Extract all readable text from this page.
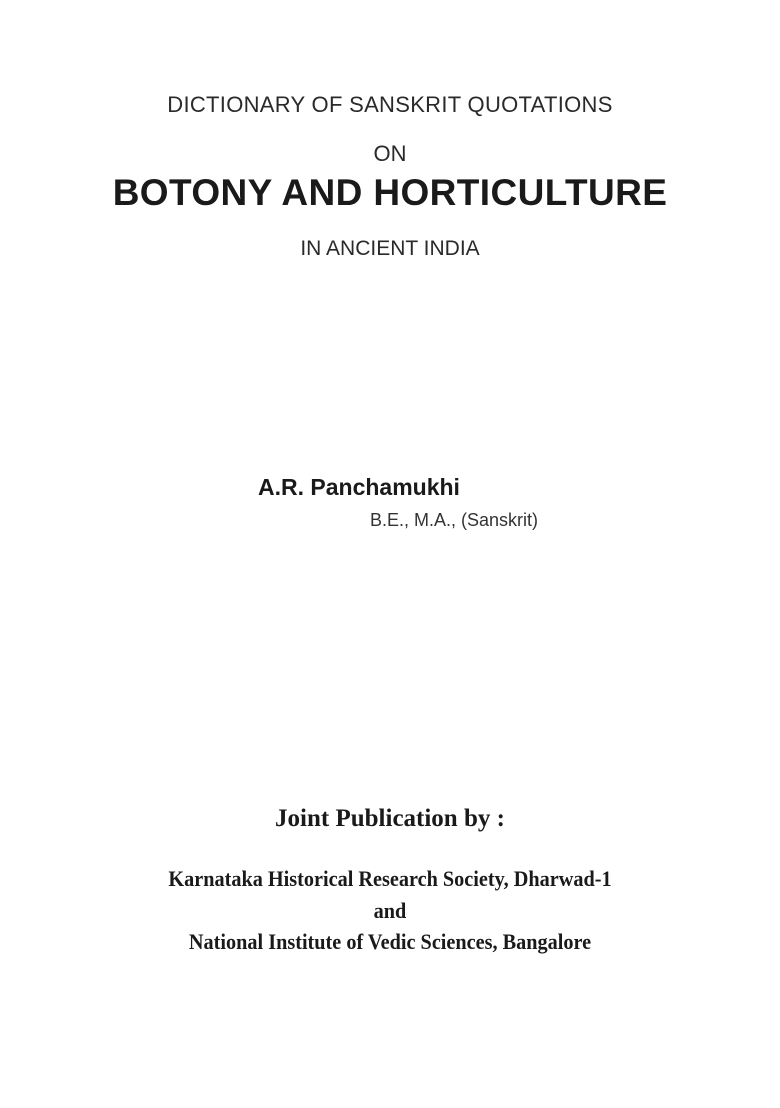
DICTIONARY OF SANSKRIT QUOTATIONS
ON
BOTONY AND HORTICULTURE
IN ANCIENT INDIA
A.R. Panchamukhi
B.E., M.A., (Sanskrit)
Joint Publication by :
Karnataka Historical Research Society, Dharwad-1
and
National Institute of Vedic Sciences, Bangalore
